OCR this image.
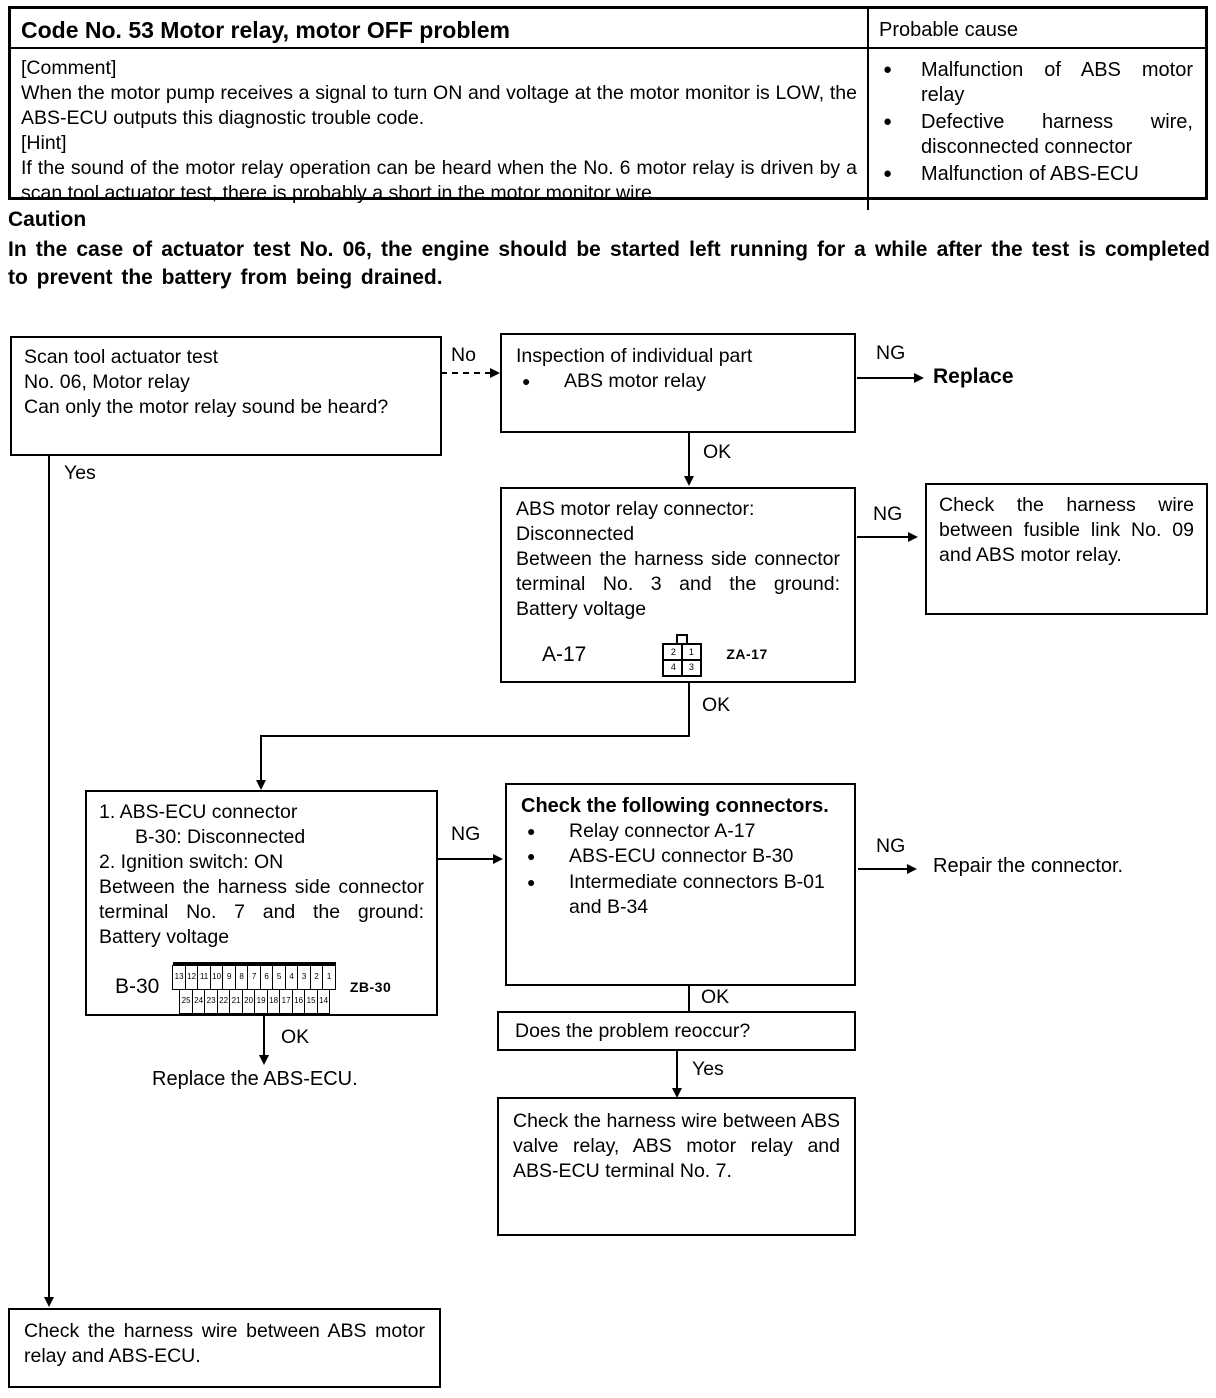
Code No. 53 Motor relay, motor OFF problem	Probable cause
[Comment]
When the motor pump receives a signal to turn ON and voltage at the motor monitor is LOW, the ABS-ECU outputs this diagnostic trouble code.
[Hint]
If the sound of the motor relay operation can be heard when the No. 6 motor relay is driven by a scan tool actuator test, there is probably a short in the motor monitor wire.
●	Malfunction of ABS motor relay
●	Defective harness wire, disconnected connector
●	Malfunction of ABS-ECU
Caution
In the case of actuator test No. 06, the engine should be started left running for a while after the test is completed to prevent the battery from being drained.
Scan tool actuator test
No. 06, Motor relay

Can only the motor relay sound be heard?

Inspection of individual part
●	ABS motor relay
ABS motor relay connector:
Disconnected

Between the harness side connector terminal No. 3 and the ground: Battery voltage

A-17	2	1
4	3
ZA-17

Check the harness wire between fusible link No. 09 and ABS motor relay.

1. ABS-ECU connector
B-30: Disconnected
2. Ignition switch: ON

Between the harness side connector terminal No. 7 and the ground: Battery voltage

B-30 13 12 11 10 9	8	7	6	5	4	3	2	1
25 24 23 22 21 20 19 18 17 16 15 14
ZB-30
Check the following connectors.
●	Relay connector A-17
●	ABS-ECU connector B-30
●	Intermediate connectors B-01 and B-34
Does the problem reoccur?

Check the harness wire between ABS valve relay, ABS motor relay and ABS-ECU terminal No. 7.

Check the harness wire between ABS motor relay and ABS-ECU.

No	NG
Replace
OK
NG
OK
NG
NG
Repair the connector.
OK
Yes
OK
Replace the ABS-ECU.
Yes
